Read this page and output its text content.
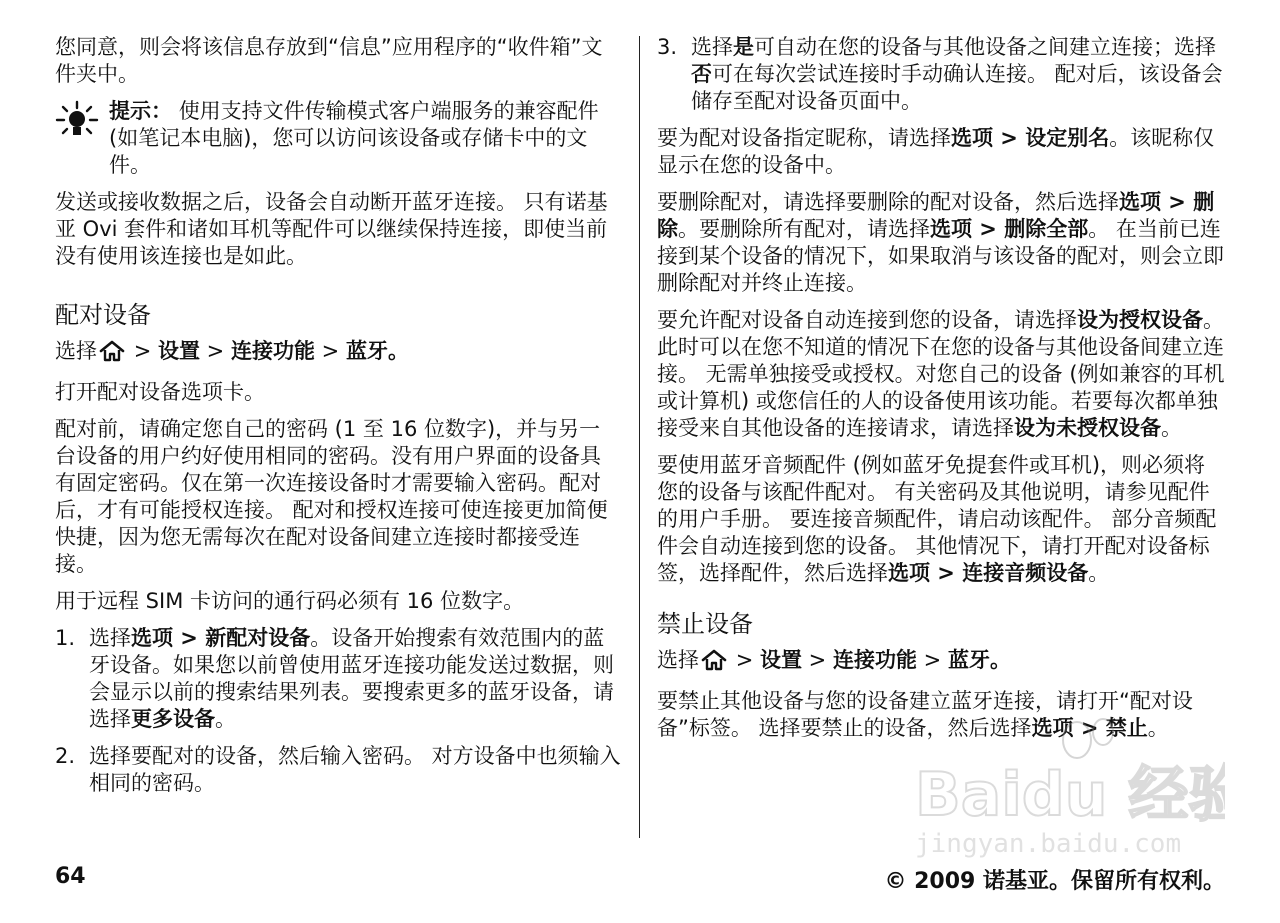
您同意，则会将该信息存放到“信息”应用程序的“收件箱”文件夹中。

提示： 使用支持文件传输模式客户端服务的兼容配件 (如笔记本电脑)，您可以访问该设备或存储卡中的文件。

发送或接收数据之后，设备会自动断开蓝牙连接。 只有诺基亚 Ovi 套件和诸如耳机等配件可以继续保持连接，即使当前没有使用该连接也是如此。

配对设备

选择 > 设置 > 连接功能 > 蓝牙。

打开配对设备选项卡。

配对前，请确定您自己的密码 (1 至 16 位数字)，并与另一台设备的用户约好使用相同的密码。没有用户界面的设备具有固定密码。仅在第一次连接设备时才需要输入密码。配对后，才有可能授权连接。 配对和授权连接可使连接更加简便快捷，因为您无需每次在配对设备间建立连接时都接受连接。

用于远程 SIM 卡访问的通行码必须有 16 位数字。

1. 选择选项 > 新配对设备。设备开始搜索有效范围内的蓝牙设备。如果您以前曾使用蓝牙连接功能发送过数据，则会显示以前的搜索结果列表。要搜索更多的蓝牙设备，请选择更多设备。
2. 选择要配对的设备，然后输入密码。 对方设备中也须输入相同的密码。
3. 选择是可自动在您的设备与其他设备之间建立连接；选择否可在每次尝试连接时手动确认连接。 配对后，该设备会储存至配对设备页面中。

要为配对设备指定昵称，请选择选项 > 设定别名。该昵称仅显示在您的设备中。

要删除配对，请选择要删除的配对设备，然后选择选项 > 删除。要删除所有配对，请选择选项 > 删除全部。 在当前已连接到某个设备的情况下，如果取消与该设备的配对，则会立即删除配对并终止连接。

要允许配对设备自动连接到您的设备，请选择设为授权设备。 此时可以在您不知道的情况下在您的设备与其他设备间建立连接。 无需单独接受或授权。对您自己的设备 (例如兼容的耳机或计算机) 或您信任的人的设备使用该功能。若要每次都单独接受来自其他设备的连接请求，请选择设为未授权设备。

要使用蓝牙音频配件 (例如蓝牙免提套件或耳机)，则必须将您的设备与该配件配对。 有关密码及其他说明，请参见配件的用户手册。 要连接音频配件，请启动该配件。 部分音频配件会自动连接到您的设备。 其他情况下，请打开配对设备标签，选择配件，然后选择选项 > 连接音频设备。

禁止设备

选择 > 设置 > 连接功能 > 蓝牙。

要禁止其他设备与您的设备建立蓝牙连接，请打开“配对设备”标签。 选择要禁止的设备，然后选择选项 > 禁止。

Baidu 经验
jingyan.baidu.com
64	© 2009 诺基亚。保留所有权利。
